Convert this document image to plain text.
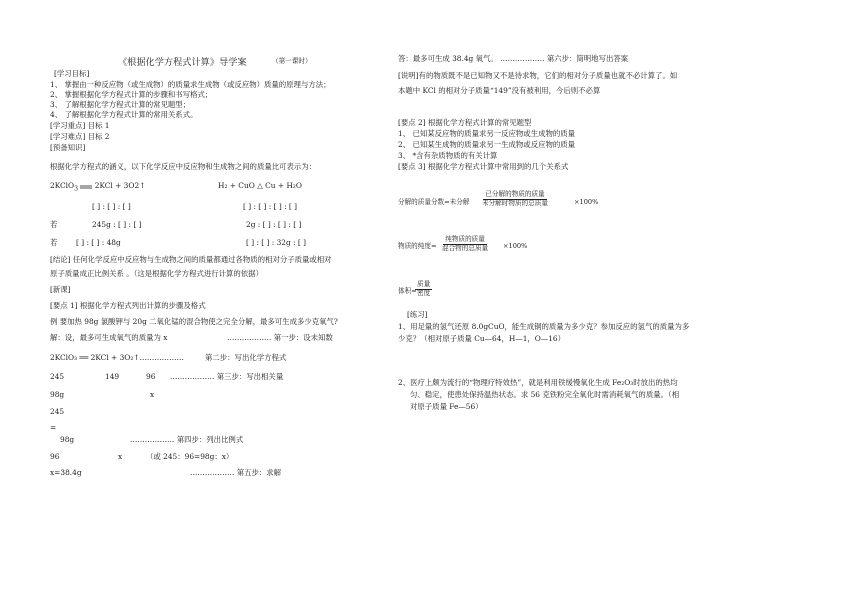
《根据化学方程式计算》导学案	（第一课时）
[学习目标]
1、 掌握由一种反应物（或生成物）的质量求生成物（或反应物）质量的原理与方法；
2、 掌握根据化学方程式计算的步骤和书写格式；
3、 了解根据化学方程式计算的常见题型；
4、 了解根据化学方程式计算的常用关系式。
[学习重点] 目标 1
[学习难点] 目标 2
[预备知识]
根据化学方程式的涵义，以下化学反应中反应物和生成物之间的质量比可表示为：
2KClO$_3$ 2KCl + 3O2↑	H₂ + CuO △ Cu + H₂O
[ ] : [ ] : [ ]	[ ] : [ ] : [ ] : [ ]
若	245g : [ ] : [ ]	2g : [ ] : [ ] : [ ]
若	[ ] : [ ] : 48g	[ ] : [ ] : 32g : [ ]
[结论] 任何化学反应中反应物与生成物之间的质量都通过各物质的相对分子质量或相对
原子质量成正比例关系 。（这是根据化学方程式进行计算的依据）
[新课]
[要点 1] 根据化学方程式列出计算的步骤及格式
例 要加热 98g 氯酸钾与 20g 二氧化锰的混合物使之完全分解，最多可生成多少克氧气?
解：设，最多可生成氧气的质量为 x	……………… 第一步：设未知数
2KClO₃ ══ 2KCl + 3O₂↑………………	第二步：写出化学方程式
245	149	96 ……………… 第三步：写出相关量
98g	x
245
=
98g	……………… 第四步：列出比例式
96	x	（或 245：96=98g：x）
x=38.4g	……………… 第五步：求解
答：最多可生成 38.4g 氧气。 ……………… 第六步：简明地写出答案
[说明]有的物质既不是已知物又不是待求物，它们的相对分子质量也就不必计算了。如
本题中 KCl 的相对分子质量“149”没有被利用，今后则不必算
[要点 2] 根据化学方程式计算的常见题型
1、 已知某反应物的质量求另一反应物或生成物的质量
2、 已知某生成物的质量求另一生成物或反应物的质量
3、 *含有杂质物质的有关计算
[要点 3] 根据化学方程式计算中常用到的几个关系式
分解的质量分数=未分解
已分解的物质的质量
未分解时物质的总质量	×100%
物质的纯度=
纯物质的质量
混合物的总质量	×100%
体积=
质量
密度
[练习]
1、用足量的氢气还原 8.0gCuO，能生成铜的质量为多少克？参加反应的氢气的质量为多
少克？（相对原子质量 Cu—64，H—1，O—16）
2、医疗上颇为流行的“物理疗特效热”，就是利用铁缓慢氧化生成 Fe₂O₃时放出的热均
匀、稳定，使患处保持温热状态。求 56 克铁粉完全氧化时需消耗氧气的质量。（相
对原子质量 Fe—56）
